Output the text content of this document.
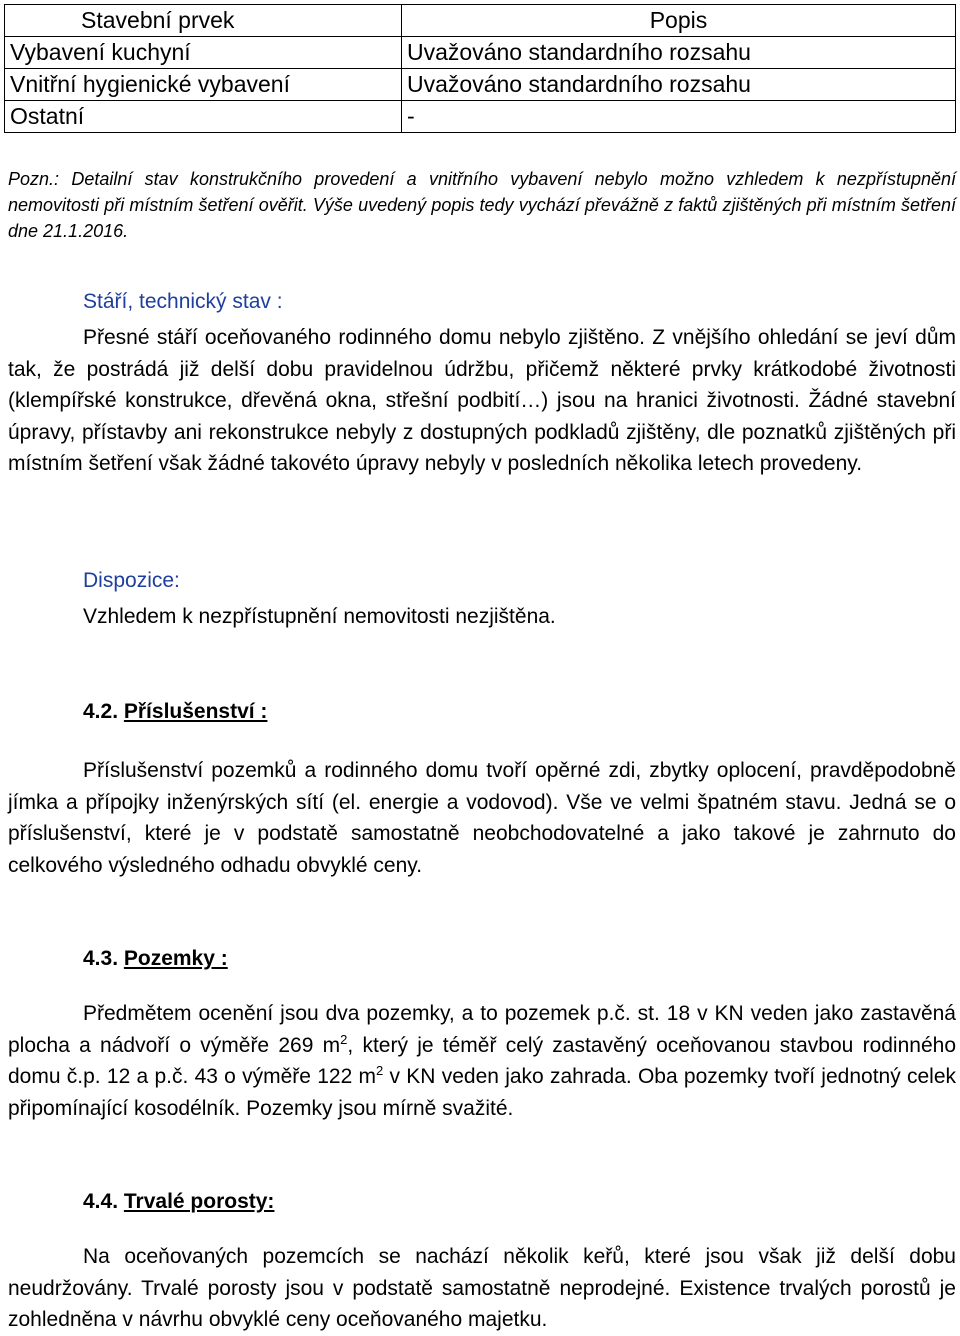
Stavební prvek	Popis
Vybavení kuchyní	Uvažováno standardního rozsahu
Vnitřní hygienické vybavení	Uvažováno standardního rozsahu
Ostatní	-

Pozn.: Detailní stav konstrukčního provedení a vnitřního vybavení nebylo možno vzhledem k nezpřístupnění nemovitosti při místním šetření ověřit. Výše uvedený popis tedy vychází převážně z faktů zjištěných při místním šetření dne 21.1.2016.

Stáří, technický stav :

Přesné stáří oceňovaného rodinného domu nebylo zjištěno. Z vnějšího ohledání se jeví dům tak, že postrádá již delší dobu pravidelnou údržbu, přičemž některé prvky krátkodobé životnosti (klempířské konstrukce, dřevěná okna, střešní podbití…) jsou na hranici životnosti. Žádné stavební úpravy, přístavby ani rekonstrukce nebyly z dostupných podkladů zjištěny, dle poznatků zjištěných při místním šetření však žádné takovéto úpravy nebyly v posledních několika letech provedeny.

Dispozice:
Vzhledem k nezpřístupnění nemovitosti nezjištěna.
4.2. Příslušenství :

Příslušenství pozemků a rodinného domu tvoří opěrné zdi, zbytky oplocení, pravděpodobně jímka a přípojky inženýrských sítí (el. energie a vodovod). Vše ve velmi špatném stavu. Jedná se o příslušenství, které je v podstatě samostatně neobchodovatelné a jako takové je zahrnuto do celkového výsledného odhadu obvyklé ceny.

4.3. Pozemky :

Předmětem ocenění jsou dva pozemky, a to pozemek p.č. st. 18 v KN veden jako zastavěná plocha a nádvoří o výměře 269 $m^2$, který je téměř celý zastavěný oceňovanou stavbou rodinného domu č.p. 12 a p.č. 43 o výměře 122 $m^2$ v KN veden jako zahrada. Oba pozemky tvoří jednotný celek připomínající kosodélník. Pozemky jsou mírně svažité.

4.4. Trvalé porosty:

Na oceňovaných pozemcích se nachází několik keřů, které jsou však již delší dobu neudržovány. Trvalé porosty jsou v podstatě samostatně neprodejné. Existence trvalých porostů je zohledněna v návrhu obvyklé ceny oceňovaného majetku.
